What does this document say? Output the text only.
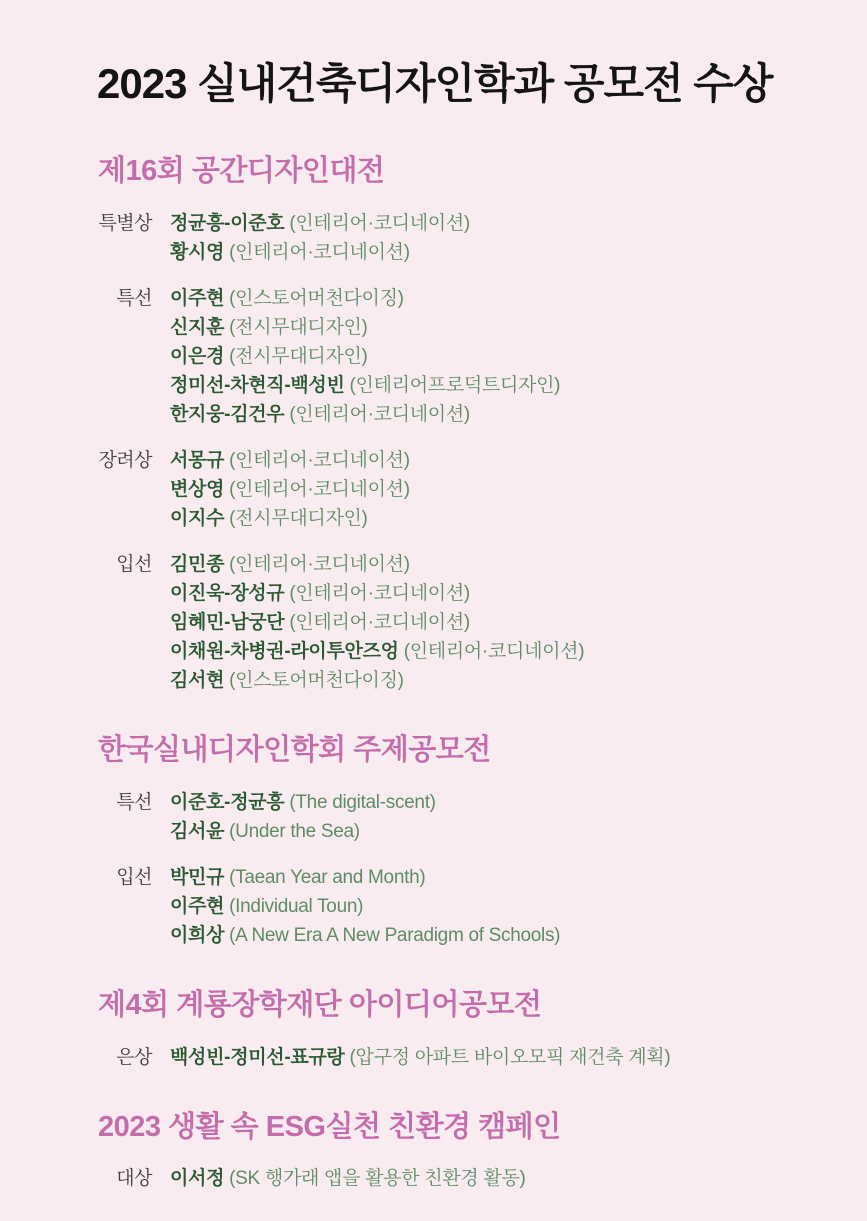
2023 실내건축디자인학과 공모전 수상
제16회 공간디자인대전
특별상 정균흥-이준호 (인테리어·코디네이션)
황시영 (인테리어·코디네이션)
특선 이주현 (인스토어머천다이징)
신지훈 (전시무대디자인)
이은경 (전시무대디자인)
정미선-차현직-백성빈 (인테리어프로덕트디자인)
한지웅-김건우 (인테리어·코디네이션)
장려상 서몽규 (인테리어·코디네이션)
변상영 (인테리어·코디네이션)
이지수 (전시무대디자인)
입선 김민종 (인테리어·코디네이션)
이진욱-장성규 (인테리어·코디네이션)
임혜민-남궁단 (인테리어·코디네이션)
이채원-차병권-라이투안즈엉 (인테리어·코디네이션)
김서현 (인스토어머천다이징)
한국실내디자인학회 주제공모전
특선 이준호-정균흥 (The digital-scent)
김서윤 (Under the Sea)
입선 박민규 (Taean Year and Month)
이주현 (Individual Toun)
이희상 (A New Era A New Paradigm of Schools)
제4회 계룡장학재단 아이디어공모전
은상 백성빈-정미선-표규랑 (압구정 아파트 바이오모픽 재건축 계획)
2023 생활 속 ESG실천 친환경 캠페인
대상 이서정 (SK 행가래 앱을 활용한 친환경 활동)
